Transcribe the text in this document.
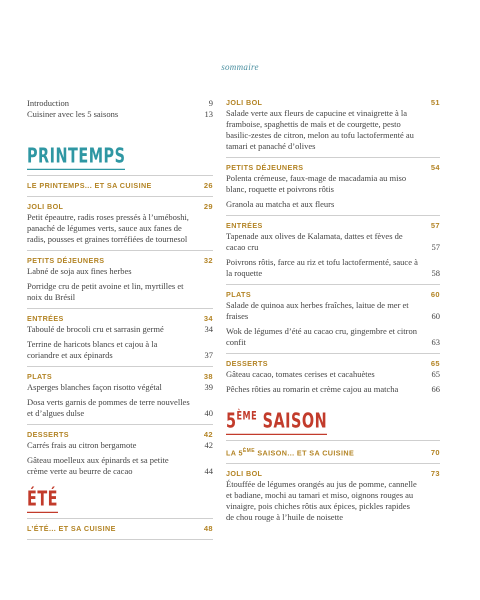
sommaire
Introduction	9
Cuisiner avec les 5 saisons	13
PRINTEMPS
LE PRINTEMPS... ET SA CUISINE	26
JOLI BOL	29
Petit épeautre, radis roses pressés à l’uméboshi, panaché de légumes verts, sauce aux fanes de radis, pousses et graines torréfiées de tournesol
PETITS DÉJEUNERS	32
Labné de soja aux fines herbes
Porridge cru de petit avoine et lin, myrtilles et noix du Brésil
ENTRÉES	34
Taboulé de brocoli cru et sarrasin germé	34
Terrine de haricots blancs et cajou à la coriandre et aux épinards	37
PLATS	38
Asperges blanches façon risotto végétal	39
Dosa verts garnis de pommes de terre nouvelles et d’algues dulse	40
DESSERTS	42
Carrés frais au citron bergamote	42
Gâteau moelleux aux épinards et sa petite crème verte au beurre de cacao	44
ÉTÉ
L’ÉTÉ... ET SA CUISINE	48
JOLI BOL	51
Salade verte aux fleurs de capucine et vinaigrette à la framboise, spaghettis de maïs et de courgette, pesto basilic-zestes de citron, melon au tofu lactofermenté au tamari et panaché d’olives
PETITS DÉJEUNERS	54
Polenta crémeuse, faux-mage de macadamia au miso blanc, roquette et poivrons rôtis
Granola au matcha et aux fleurs
ENTRÉES	57
Tapenade aux olives de Kalamata, dattes et fèves de cacao cru	57
Poivrons rôtis, farce au riz et tofu lactofermenté, sauce à la roquette	58
PLATS	60
Salade de quinoa aux herbes fraîches, laitue de mer et fraises	60
Wok de légumes d’été au cacao cru, gingembre et citron confit	63
DESSERTS	65
Gâteau cacao, tomates cerises et cacahuètes	65
Pêches rôties au romarin et crème cajou au matcha	66
5ÈME SAISON
LA 5ÈME SAISON... ET SA CUISINE	70
JOLI BOL	73
Étouffée de légumes orangés au jus de pomme, cannelle et badiane, mochi au tamari et miso, oignons rouges au vinaigre, pois chiches rôtis aux épices, pickles rapides de chou rouge à l’huile de noisette
